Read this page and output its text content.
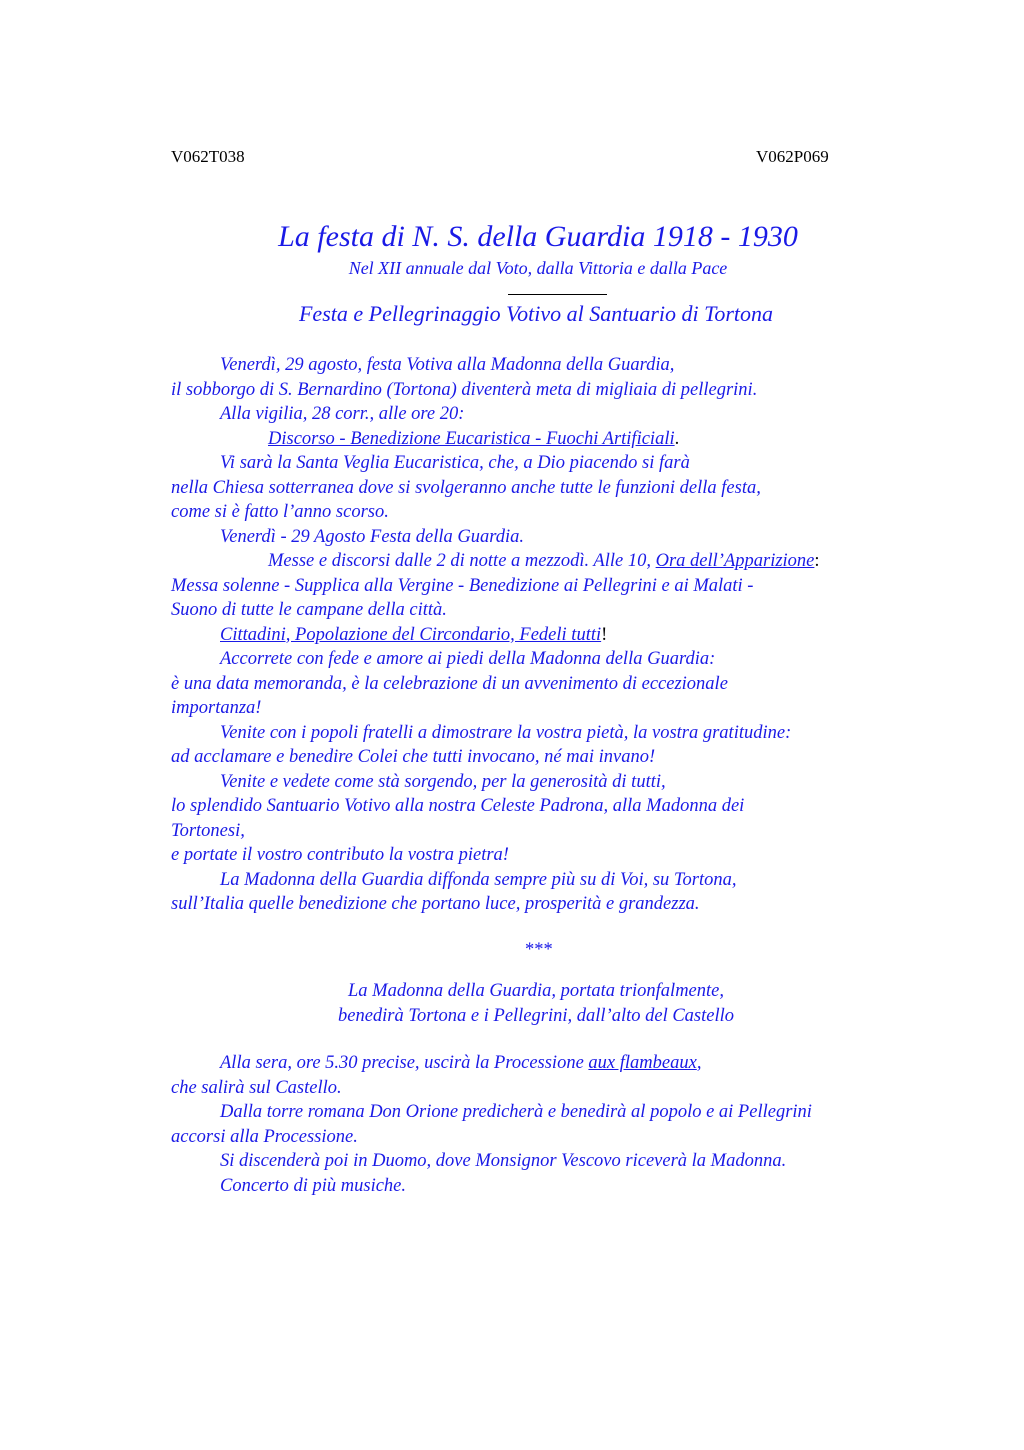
V062T038	V062P069
La festa di N. S. della Guardia 1918 - 1930
Nel XII annuale dal Voto, dalla Vittoria e dalla Pace
Festa e Pellegrinaggio Votivo al Santuario di Tortona
Venerdì, 29 agosto, festa Votiva alla Madonna della Guardia,
il sobborgo di S. Bernardino (Tortona) diventerà meta di migliaia di pellegrini.
Alla vigilia, 28 corr., alle ore 20:
Discorso - Benedizione Eucaristica - Fuochi Artificiali.
Vi sarà la Santa Veglia Eucaristica, che, a Dio piacendo si farà
nella Chiesa sotterranea dove si svolgeranno anche tutte le funzioni della festa,
come si è fatto l’anno scorso.
Venerdì - 29 Agosto Festa della Guardia.
Messe e discorsi dalle 2 di notte a mezzodì. Alle 10, Ora dell’Apparizione:
Messa solenne - Supplica alla Vergine - Benedizione ai Pellegrini e ai Malati -
Suono di tutte le campane della città.
Cittadini, Popolazione del Circondario, Fedeli tutti!
Accorrete con fede e amore ai piedi della Madonna della Guardia:
è una data memoranda, è la celebrazione di un avvenimento di eccezionale
importanza!
Venite con i popoli fratelli a dimostrare la vostra pietà, la vostra gratitudine:
ad acclamare e benedire Colei che tutti invocano, né mai invano!
Venite e vedete come stà sorgendo, per la generosità di tutti,
lo splendido Santuario Votivo alla nostra Celeste Padrona, alla Madonna dei
Tortonesi,
e portate il vostro contributo la vostra pietra!
La Madonna della Guardia diffonda sempre più su di Voi, su Tortona,
sull’Italia quelle benedizione che portano luce, prosperità e grandezza.
***
La Madonna della Guardia, portata trionfalmente,
benedirà Tortona e i Pellegrini, dall’alto del Castello
Alla sera, ore 5.30 precise, uscirà la Processione aux flambeaux,
che salirà sul Castello.
Dalla torre romana Don Orione predicherà e benedirà al popolo e ai Pellegrini
accorsi alla Processione.
Si discenderà poi in Duomo, dove Monsignor Vescovo riceverà la Madonna.
Concerto di più musiche.
